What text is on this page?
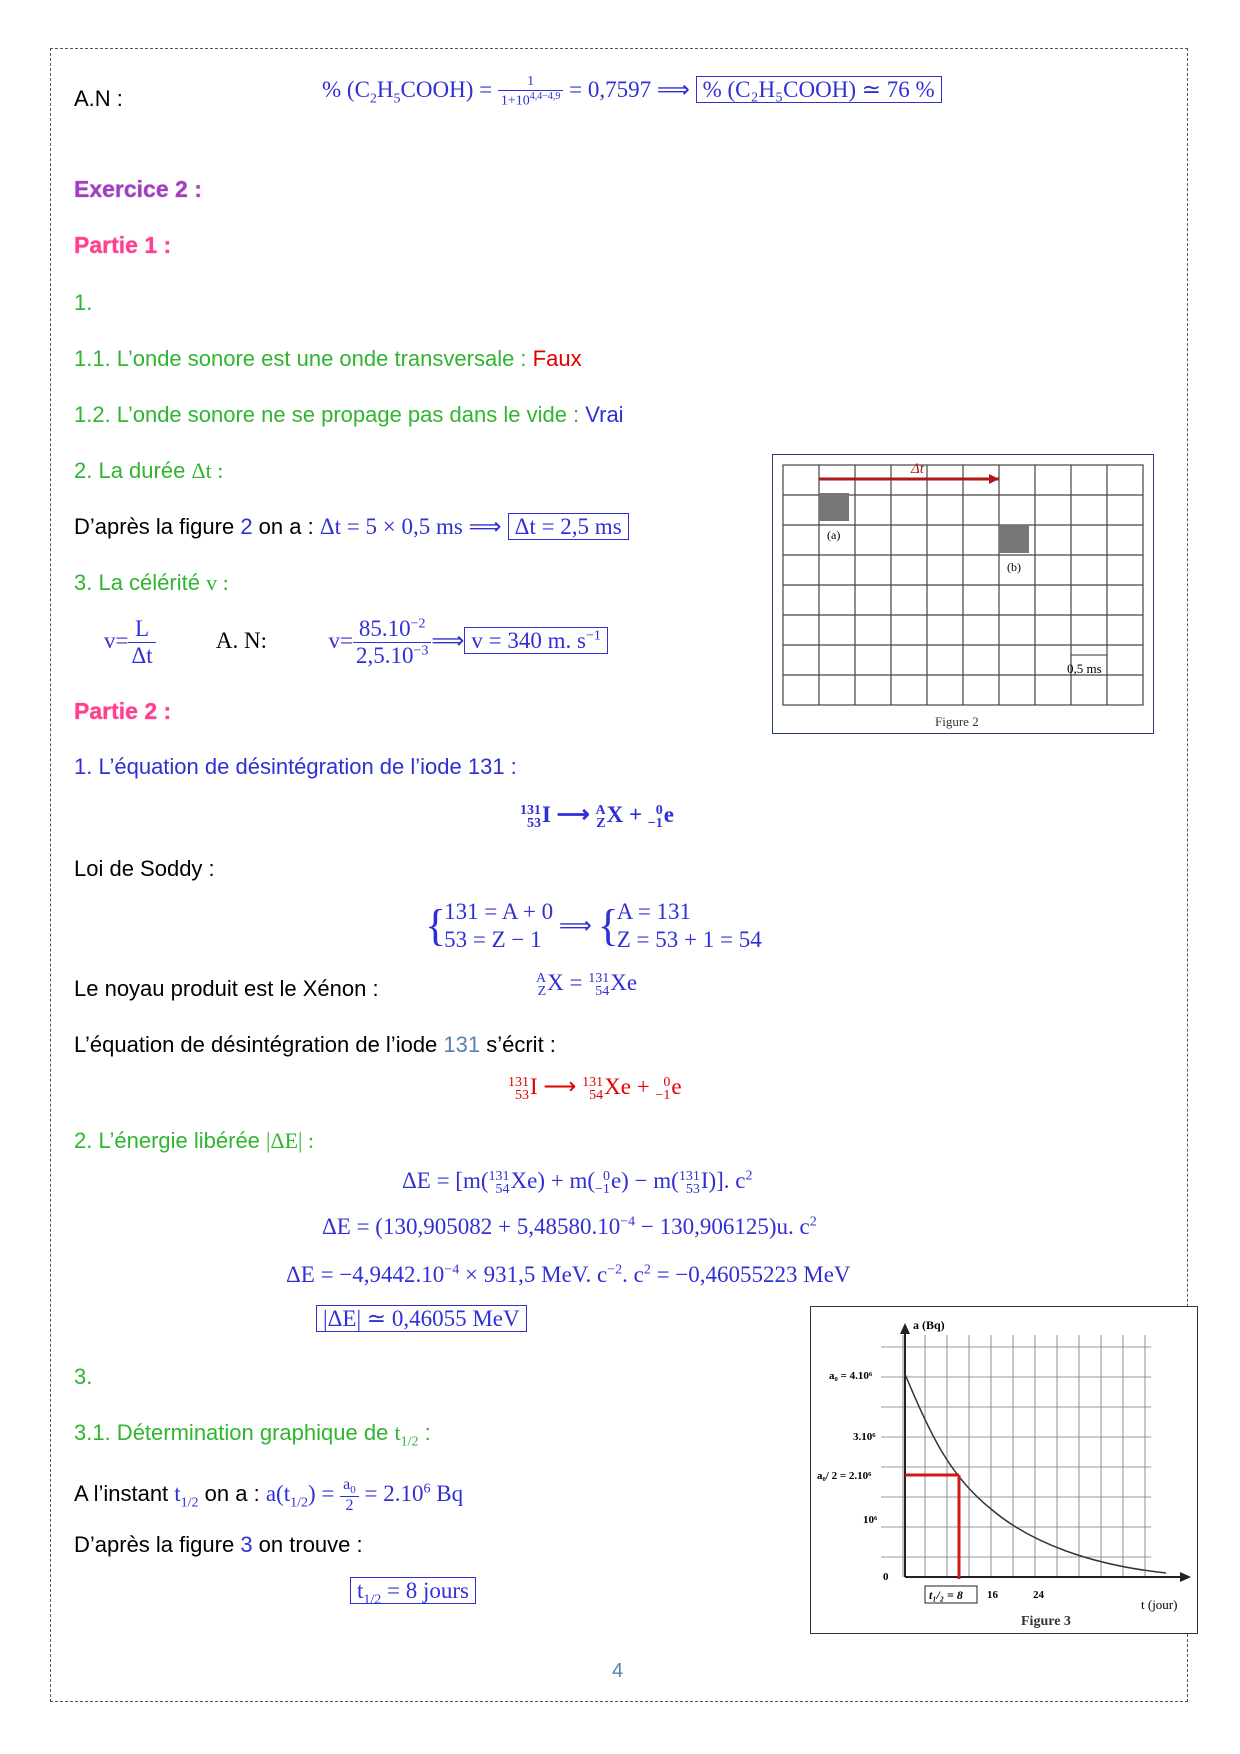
A.N :	% $(C_2H_5COOH) = \frac{1}{1+10^{4,4-4,9}} = 0,7597$ ⟹ % (C₂H₅COOH) ≃ 76 %
Exercice 2 :
Partie 1 :
1.
1.1. L’onde sonore est une onde transversale : Faux
1.2. L’onde sonore ne se propage pas dans le vide : Vrai
2. La durée Δt :
D’après la figure 2 on a : Δt = 5 × 0,5 ms ⟹ Δt = 2,5 ms
3. La célérité v :
$v= \frac{L}{\Delta t}$	A. N:	$v= \frac{85.10^{-2}}{2,5.10^{-3}}$ ⟹ v = 340 m. $s^{-1}$
Partie 2 :
1. L’équation de désintégration de l’iode 131 :
131
53I ⟶ A
ZX + 0
−1e
Loi de Soddy :
{131 = A + 0
53 = Z − 1 ⟹ {A = 131
Z = 53 + 1 = 54
Le noyau produit est le Xénon :	A
ZX = 131
54Xe
L’équation de désintégration de l’iode 131 s’écrit :
131
53I ⟶ 131
54Xe + 0
−1e
2. L’énergie libérée |ΔE| :
ΔE = [m(131
54Xe) + m( 0
−1e) − m(131
53I)]. $c^2$
$\Delta E = (130,905082 + 5,48580.10^{-4} - 130,906125)u$. $c^2$
$\Delta E = -4,9442.10^{-4} \times 931,5$ MeV. $c^{-2}$. $c^2 = -0,46055223$ MeV
|ΔE| ≃ 0,46055 MeV
3.
3.1. Détermination graphique de $t_{1/2}$ :
A l’instant $t_{1/2}$ on a : $a(t_{1/2}) = \frac{a_0}{2} = 2.10^6$ Bq
D’après la figure 3 on trouve :
$t_{1/2} = 8$ jours
4
Δt
(a)
(b)
0,5 ms
Figure 2
a (Bq)
a₀ = 4.10⁶
3.10⁶
a₀/ 2 = 2.10⁶
10⁶
0
t₁/₂ = 8 16	24
t (jour)
Figure 3
